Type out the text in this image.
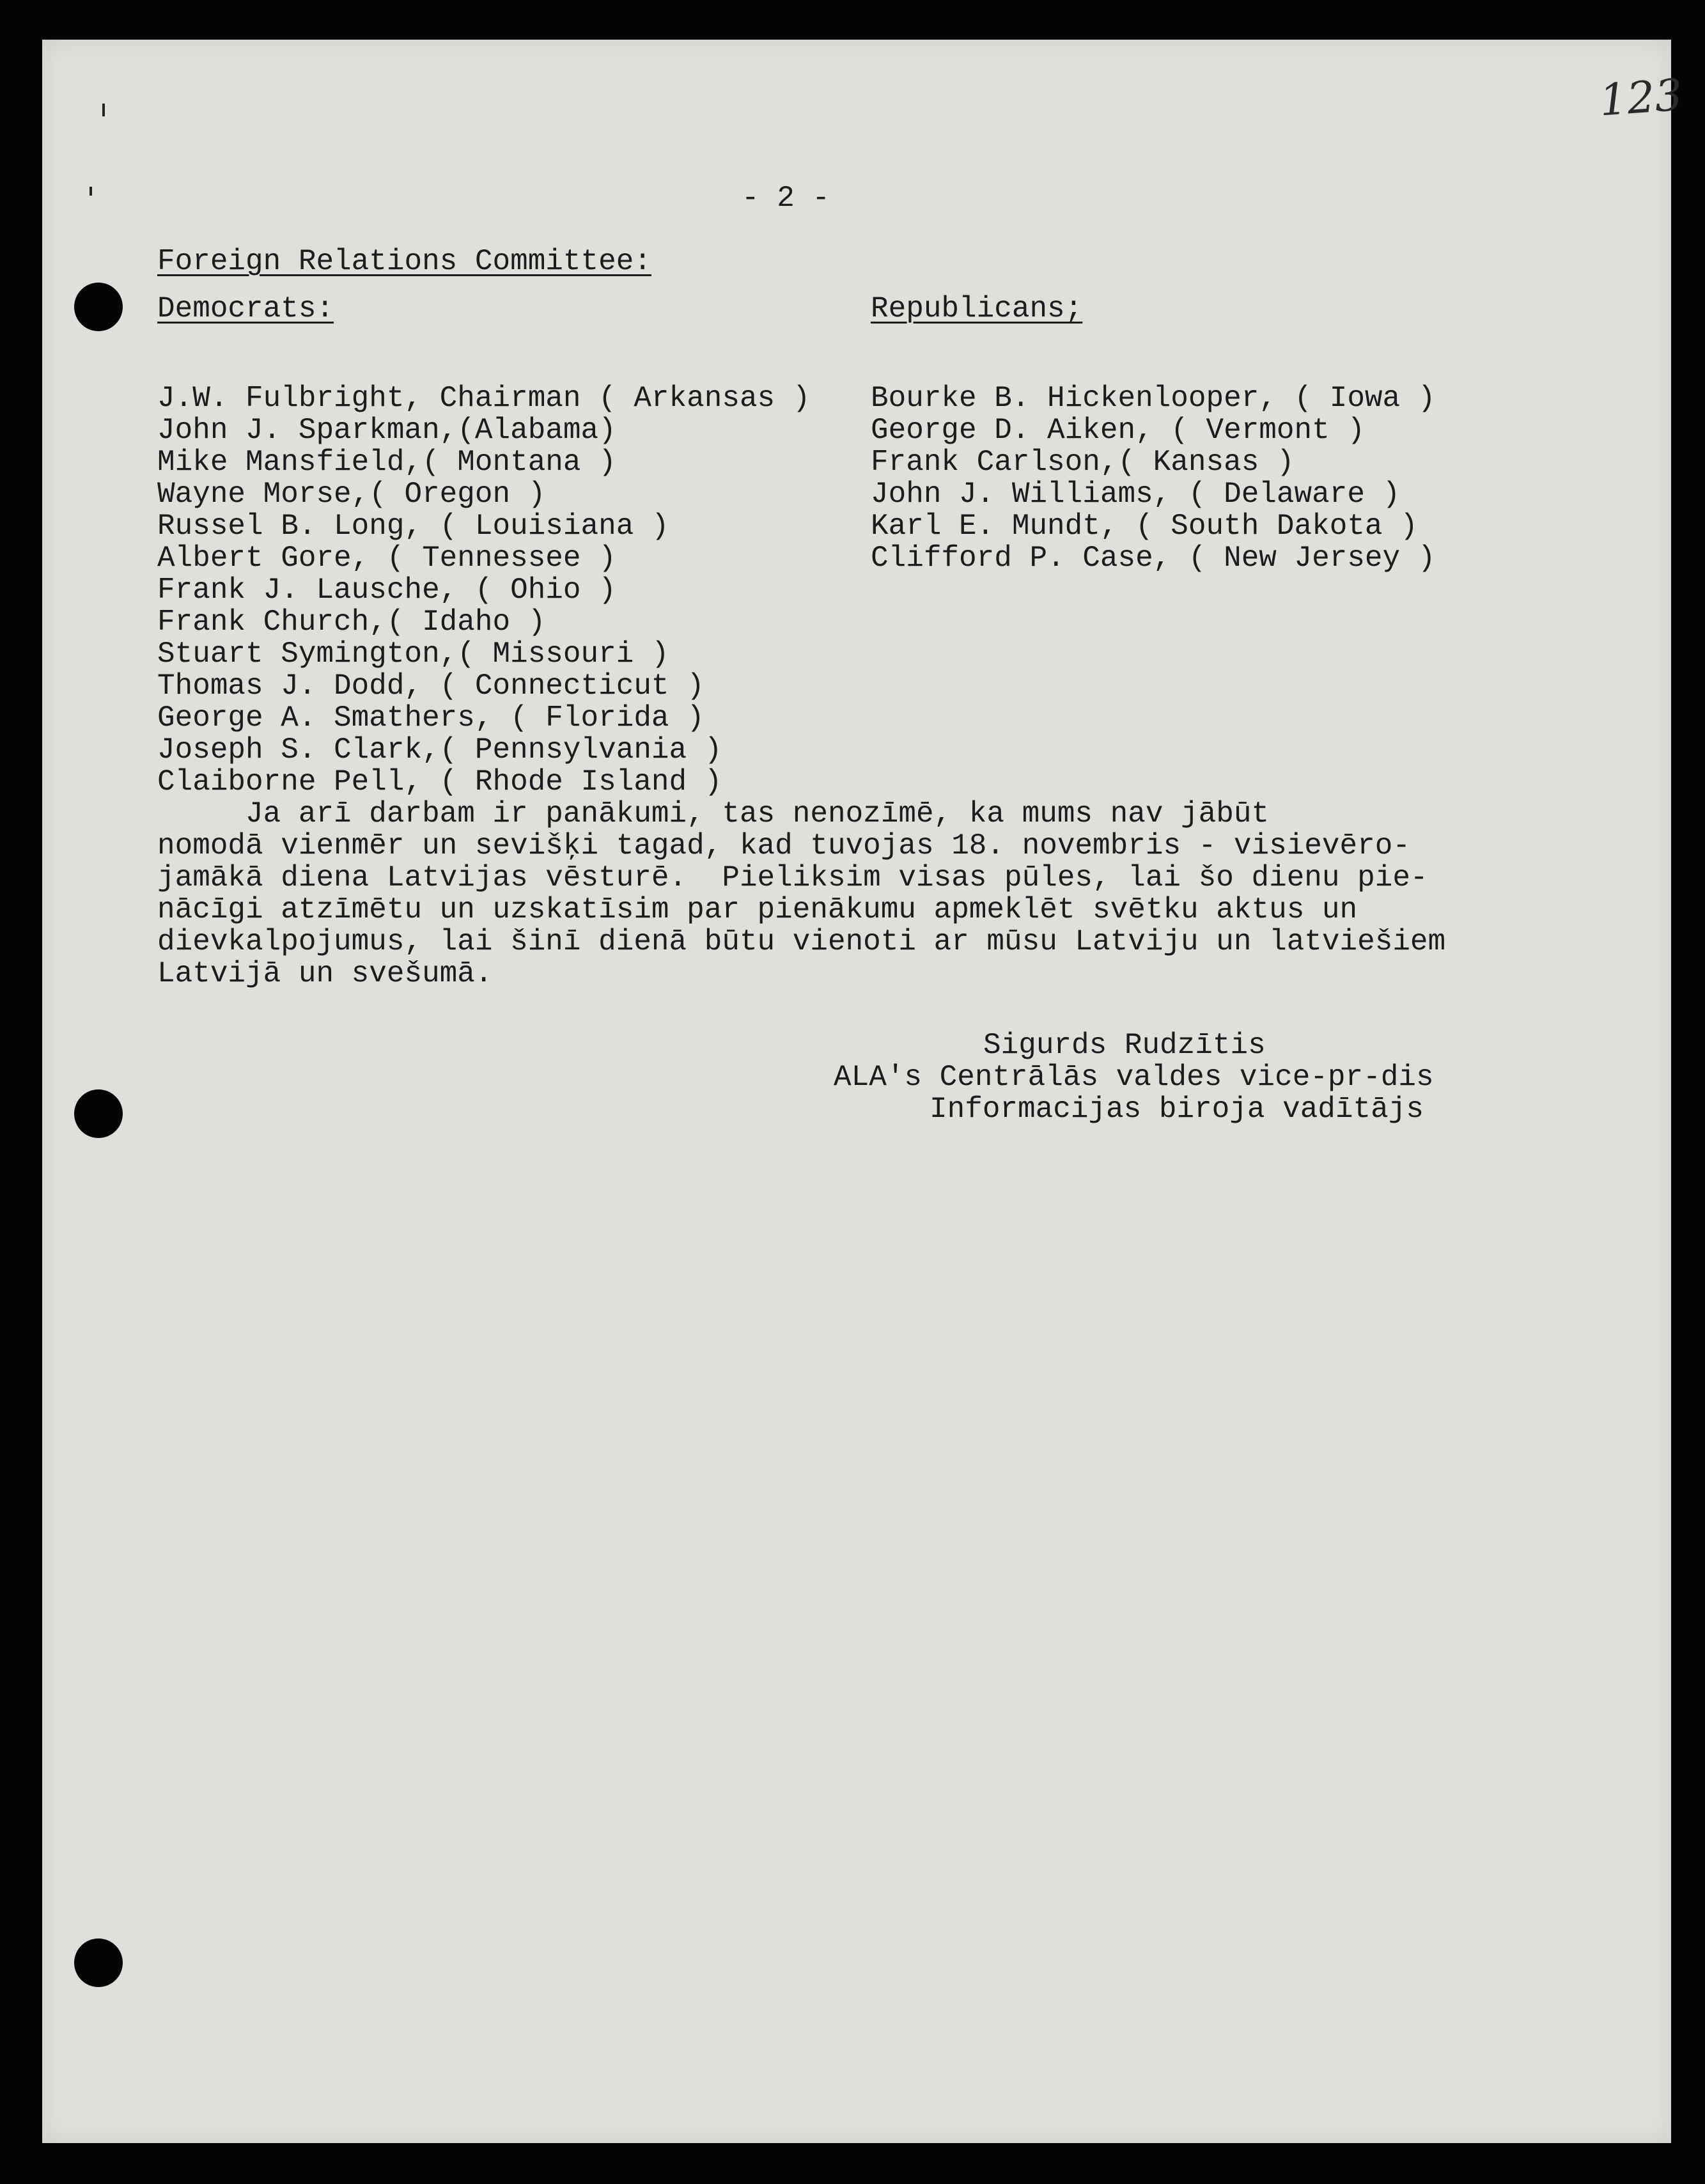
123
- 2 -
Foreign Relations Committee:
Democrats:
J.W. Fulbright, Chairman ( Arkansas )
John J. Sparkman,(Alabama)
Mike Mansfield,( Montana )
Wayne Morse,( Oregon )
Russel B. Long, ( Louisiana )
Albert Gore, ( Tennessee )
Frank J. Lausche, ( Ohio )
Frank Church,( Idaho )
Stuart Symington,( Missouri )
Thomas J. Dodd, ( Connecticut )
George A. Smathers, ( Florida )
Joseph S. Clark,( Pennsylvania )
Claiborne Pell, ( Rhode Island )
Republicans;
Bourke B. Hickenlooper, ( Iowa )
George D. Aiken, ( Vermont )
Frank Carlson,( Kansas )
John J. Williams, ( Delaware )
Karl E. Mundt, ( South Dakota )
Clifford P. Case, ( New Jersey )
Ja arī darbam ir panākumi, tas nenozīmē, ka mums nav jābūt
nomodā vienmēr un sevišķi tagad, kad tuvojas 18. novembris - visievēro-
jamākā diena Latvijas vēsturē.  Pieliksim visas pūles, lai šo dienu pie-
nācīgi atzīmētu un uzskatīsim par pienākumu apmeklēt svētku aktus un
dievkalpojumus, lai šinī dienā būtu vienoti ar mūsu Latviju un latviešiem
Latvijā un svešumā.
Sigurds Rudzītis
ALA's Centrālās valdes vice-pr-dis
Informacijas biroja vadītājs
